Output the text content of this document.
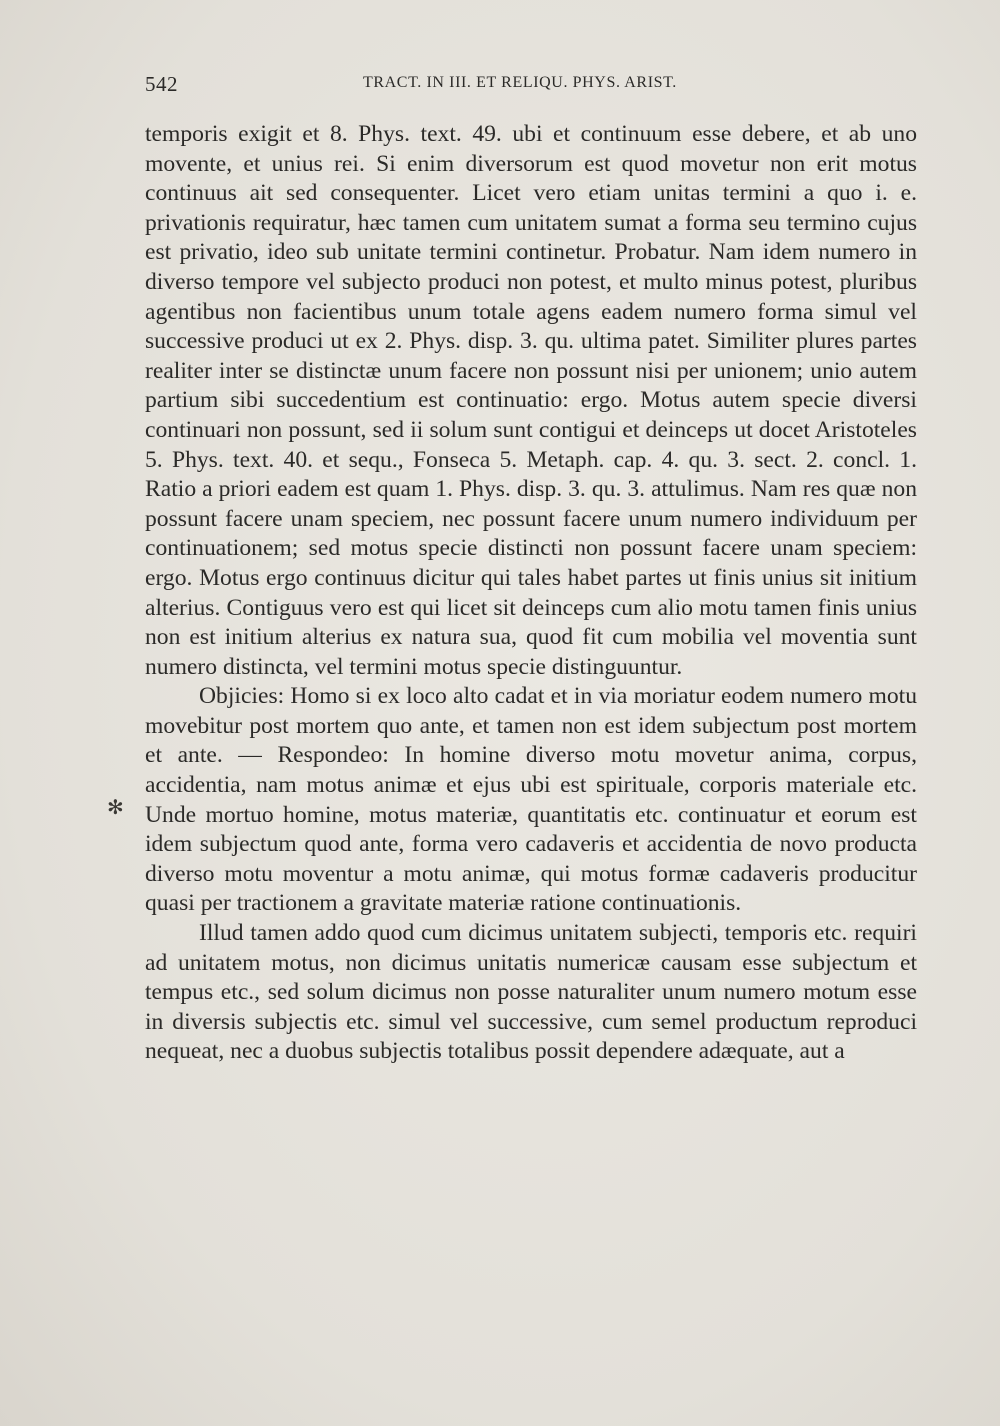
542	TRACT. IN III. ET RELIQU. PHYS. ARIST.
✻

temporis exigit et 8. Phys. text. 49. ubi et continuum esse debere, et ab uno movente, et unius rei. Si enim diversorum est quod movetur non erit motus continuus ait sed consequenter. Licet vero etiam unitas termini a quo i. e. privationis requiratur, hæc tamen cum unitatem sumat a forma seu termino cujus est privatio, ideo sub unitate termini continetur. Probatur. Nam idem numero in diverso tempore vel subjecto produci non potest, et multo minus potest, pluribus agentibus non facientibus unum totale agens eadem numero forma simul vel successive produci ut ex 2. Phys. disp. 3. qu. ultima patet. Similiter plures partes realiter inter se distinctæ unum facere non possunt nisi per unionem; unio autem partium sibi succedentium est continuatio: ergo. Motus autem specie diversi continuari non possunt, sed ii solum sunt contigui et deinceps ut docet Aristoteles 5. Phys. text. 40. et sequ., Fonseca 5. Metaph. cap. 4. qu. 3. sect. 2. concl. 1. Ratio a priori eadem est quam 1. Phys. disp. 3. qu. 3. attulimus. Nam res quæ non possunt facere unam speciem, nec possunt facere unum numero individuum per continuationem; sed motus specie distincti non possunt facere unam speciem: ergo. Motus ergo continuus dicitur qui tales habet partes ut finis unius sit initium alterius. Contiguus vero est qui licet sit deinceps cum alio motu tamen finis unius non est initium alterius ex natura sua, quod fit cum mobilia vel moventia sunt numero distincta, vel termini motus specie distinguuntur.

Objicies: Homo si ex loco alto cadat et in via moriatur eodem numero motu movebitur post mortem quo ante, et tamen non est idem subjectum post mortem et ante. — Respondeo: In homine diverso motu movetur anima, corpus, accidentia, nam motus animæ et ejus ubi est spirituale, corporis materiale etc. Unde mortuo homine, motus materiæ, quantitatis etc. continuatur et eorum est idem subjectum quod ante, forma vero cadaveris et accidentia de novo producta diverso motu moventur a motu animæ, qui motus formæ cadaveris producitur quasi per tractionem a gravitate materiæ ratione continuationis.

Illud tamen addo quod cum dicimus unitatem subjecti, temporis etc. requiri ad unitatem motus, non dicimus unitatis numericæ causam esse subjectum et tempus etc., sed solum dicimus non posse naturaliter unum numero motum esse in diversis subjectis etc. simul vel successive, cum semel productum reproduci nequeat, nec a duobus subjectis totalibus possit dependere adæquate, aut a
